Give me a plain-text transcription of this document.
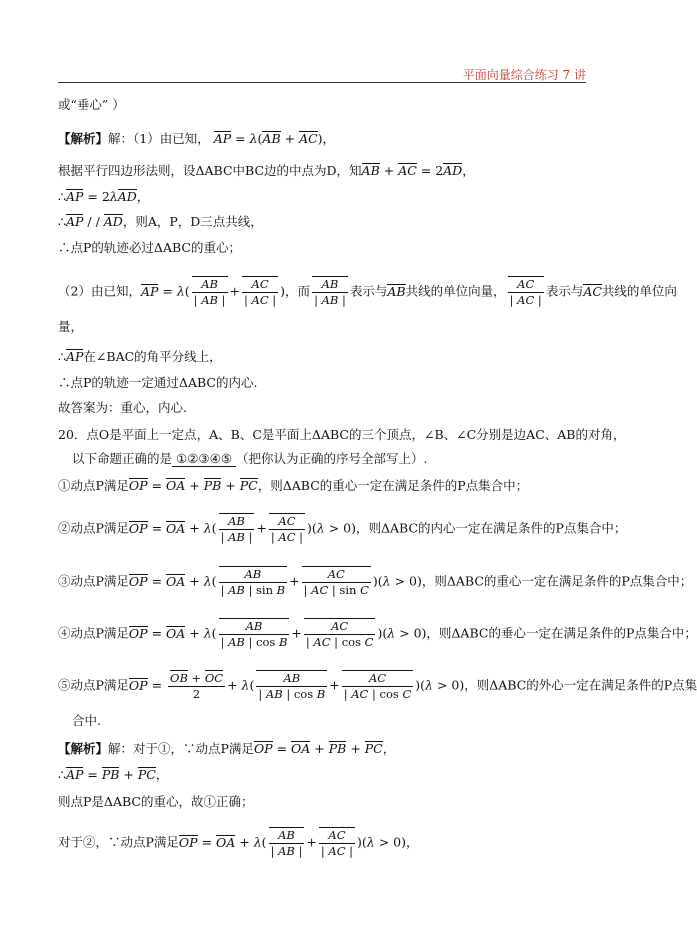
平面向量综合练习 7 讲
或“垂心” ）
【解析】解：（1）由已知， AP = λ(AB + AC)，
根据平行四边形法则，设ΔABC中BC边的中点为D，知AB + AC = 2AD，
∴AP = 2λAD，
∴AP / / AD，则A，P，D三点共线，
∴点P的轨迹必过ΔABC的重心；
（2）由已知，AP = $\lambda( \frac{AB}{| AB |} + \frac{AC}{| AC |}$ )，而 $\frac{AB}{| AB |}$ 表示与AB共线的单位向量， $\frac{AC}{| AC |}$ 表示与AC共线的单位向
量，
∴AP在∠BAC的角平分线上，
∴点P的轨迹一定通过ΔABC的内心.
故答案为：重心，内心.
20．点O是平面上一定点，A、B、C是平面上ΔABC的三个顶点，∠B、∠C分别是边AC、AB的对角，
以下命题正确的是 ①②③④⑤ （把你认为正确的序号全部写上）.
①动点P满足OP = OA + PB + PC，则ΔABC的重心一定在满足条件的P点集合中；
②动点P满足OP = OA + $\lambda( \frac{AB}{| AB |} + \frac{AC}{| AC |} )(\lambda > 0)$，则ΔABC的内心一定在满足条件的P点集合中；
③动点P满足OP = OA + $\lambda( \frac{AB}{\text{| AB | sin B}} + \frac{AC}{\text{| AC | sin C}} )(\lambda > 0)$，则ΔABC的重心一定在满足条件的P点集合中；
④动点P满足OP = OA + $\lambda( \frac{AB}{\text{| AB | cos B}} + \frac{AC}{\text{| AC | cos C}} )(\lambda > 0)$，则ΔABC的垂心一定在满足条件的P点集合中；
⑤动点P满足OP = $\frac{OB + OC}{2} + \lambda( \frac{AB}{\text{| AB | cos B}} + \frac{AC}{\text{| AC | cos C}} )(\lambda > 0)$，则ΔABC的外心一定在满足条件的P点集
合中.
【解析】解：对于①，∵动点P满足OP = OA + PB + PC，
∴AP = PB + PC，
则点P是ΔABC的重心，故①正确；
对于②，∵动点P满足OP = OA + $\lambda( \frac{AB}{| AB |} + \frac{AC}{| AC |} )(\lambda > 0)$，
